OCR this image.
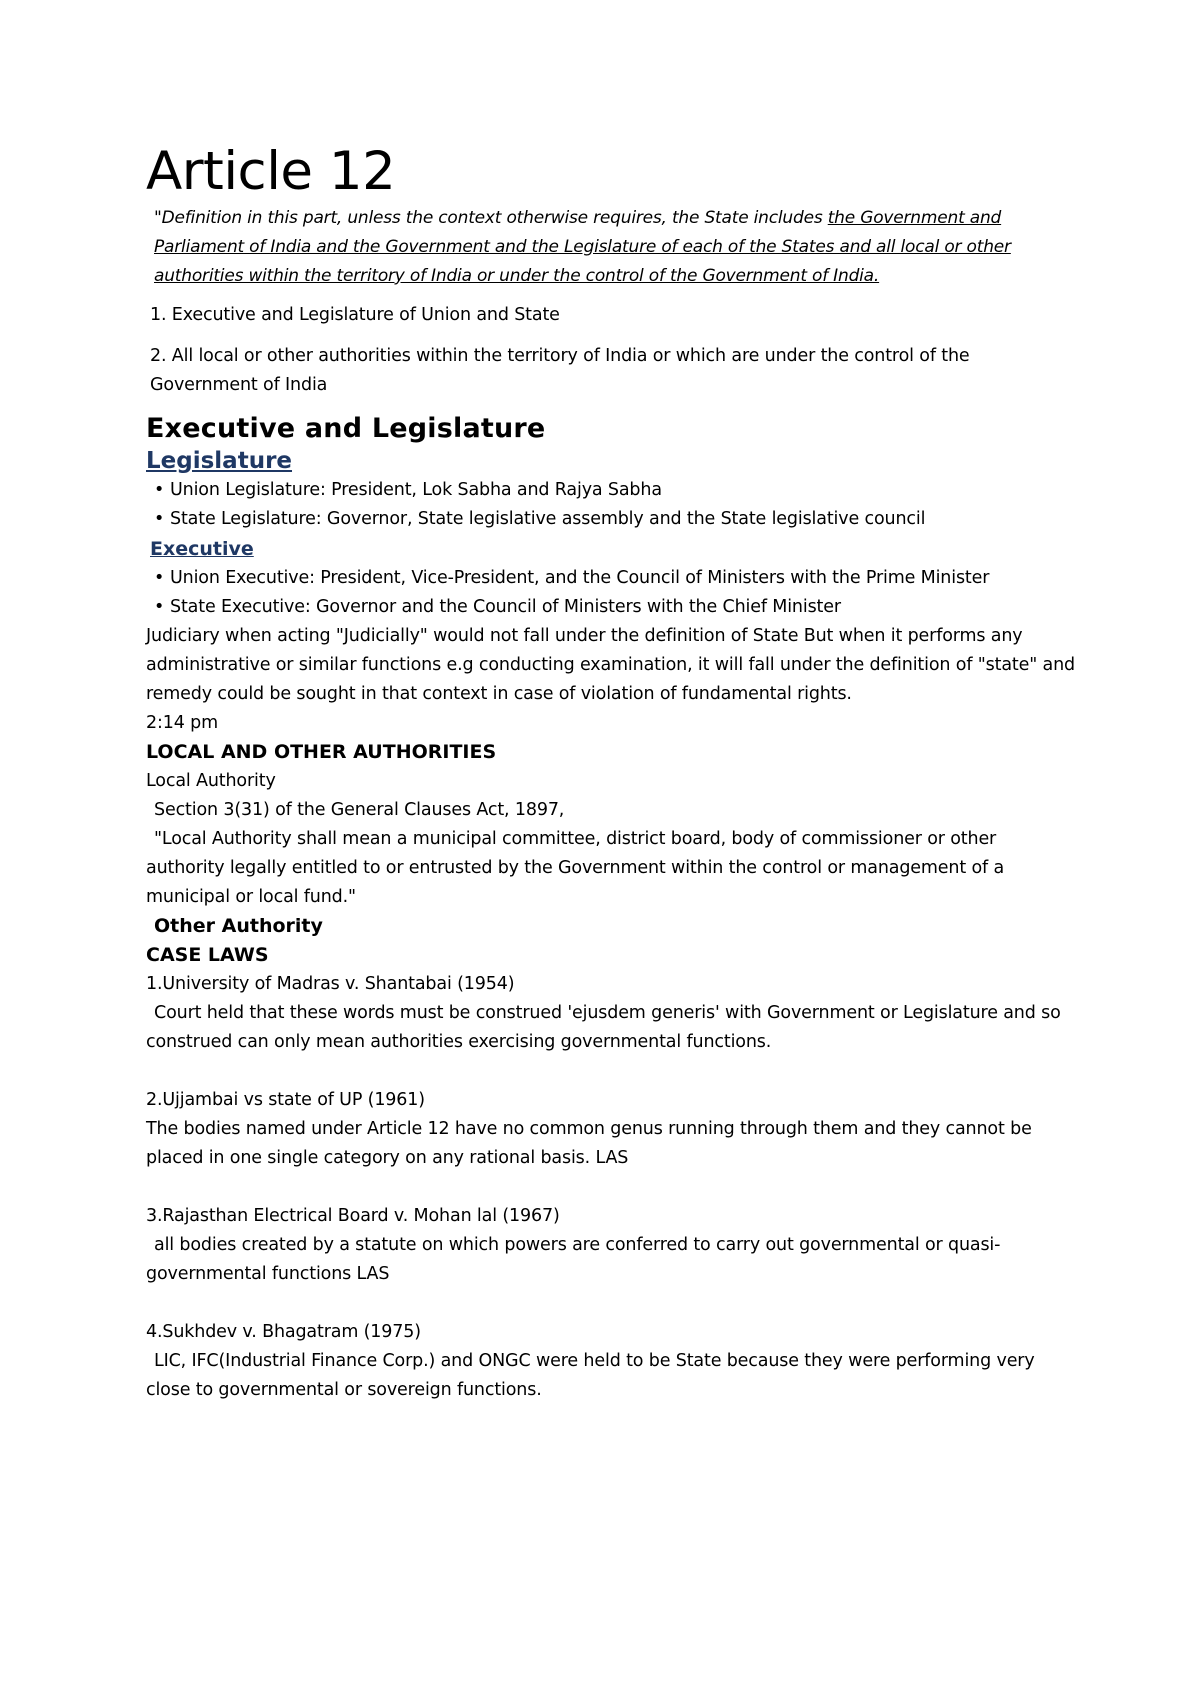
Article 12

"Definition in this part, unless the context otherwise requires, the State includes the Government and Parliament of India and the Government and the Legislature of each of the States and all local or other authorities within the territory of India or under the control of the Government of India.

1. Executive and Legislature of Union and State

2. All local or other authorities within the territory of India or which are under the control of the Government of India

Executive and Legislature
Legislature

• Union Legislature: President, Lok Sabha and Rajya Sabha

• State Legislature: Governor, State legislative assembly and the State legislative council

Executive

• Union Executive: President, Vice-President, and the Council of Ministers with the Prime Minister

• State Executive: Governor and the Council of Ministers with the Chief Minister

Judiciary when acting "Judicially" would not fall under the definition of State But when it performs any administrative or similar functions e.g conducting examination, it will fall under the definition of "state" and remedy could be sought in that context in case of violation of fundamental rights.

2:14 pm

LOCAL AND OTHER AUTHORITIES

Local Authority

Section 3(31) of the General Clauses Act, 1897,

"Local Authority shall mean a municipal committee, district board, body of commissioner or other authority legally entitled to or entrusted by the Government within the control or management of a municipal or local fund."

Other Authority

CASE LAWS

1.University of Madras v. Shantabai (1954)

Court held that these words must be construed 'ejusdem generis' with Government or Legislature and so construed can only mean authorities exercising governmental functions.

2.Ujjambai vs state of UP (1961)

The bodies named under Article 12 have no common genus running through them and they cannot be placed in one single category on any rational basis. LAS

3.Rajasthan Electrical Board v. Mohan lal (1967)

all bodies created by a statute on which powers are conferred to carry out governmental or quasi-governmental functions LAS

4.Sukhdev v. Bhagatram (1975)

LIC, IFC(Industrial Finance Corp.) and ONGC were held to be State because they were performing very close to governmental or sovereign functions.
